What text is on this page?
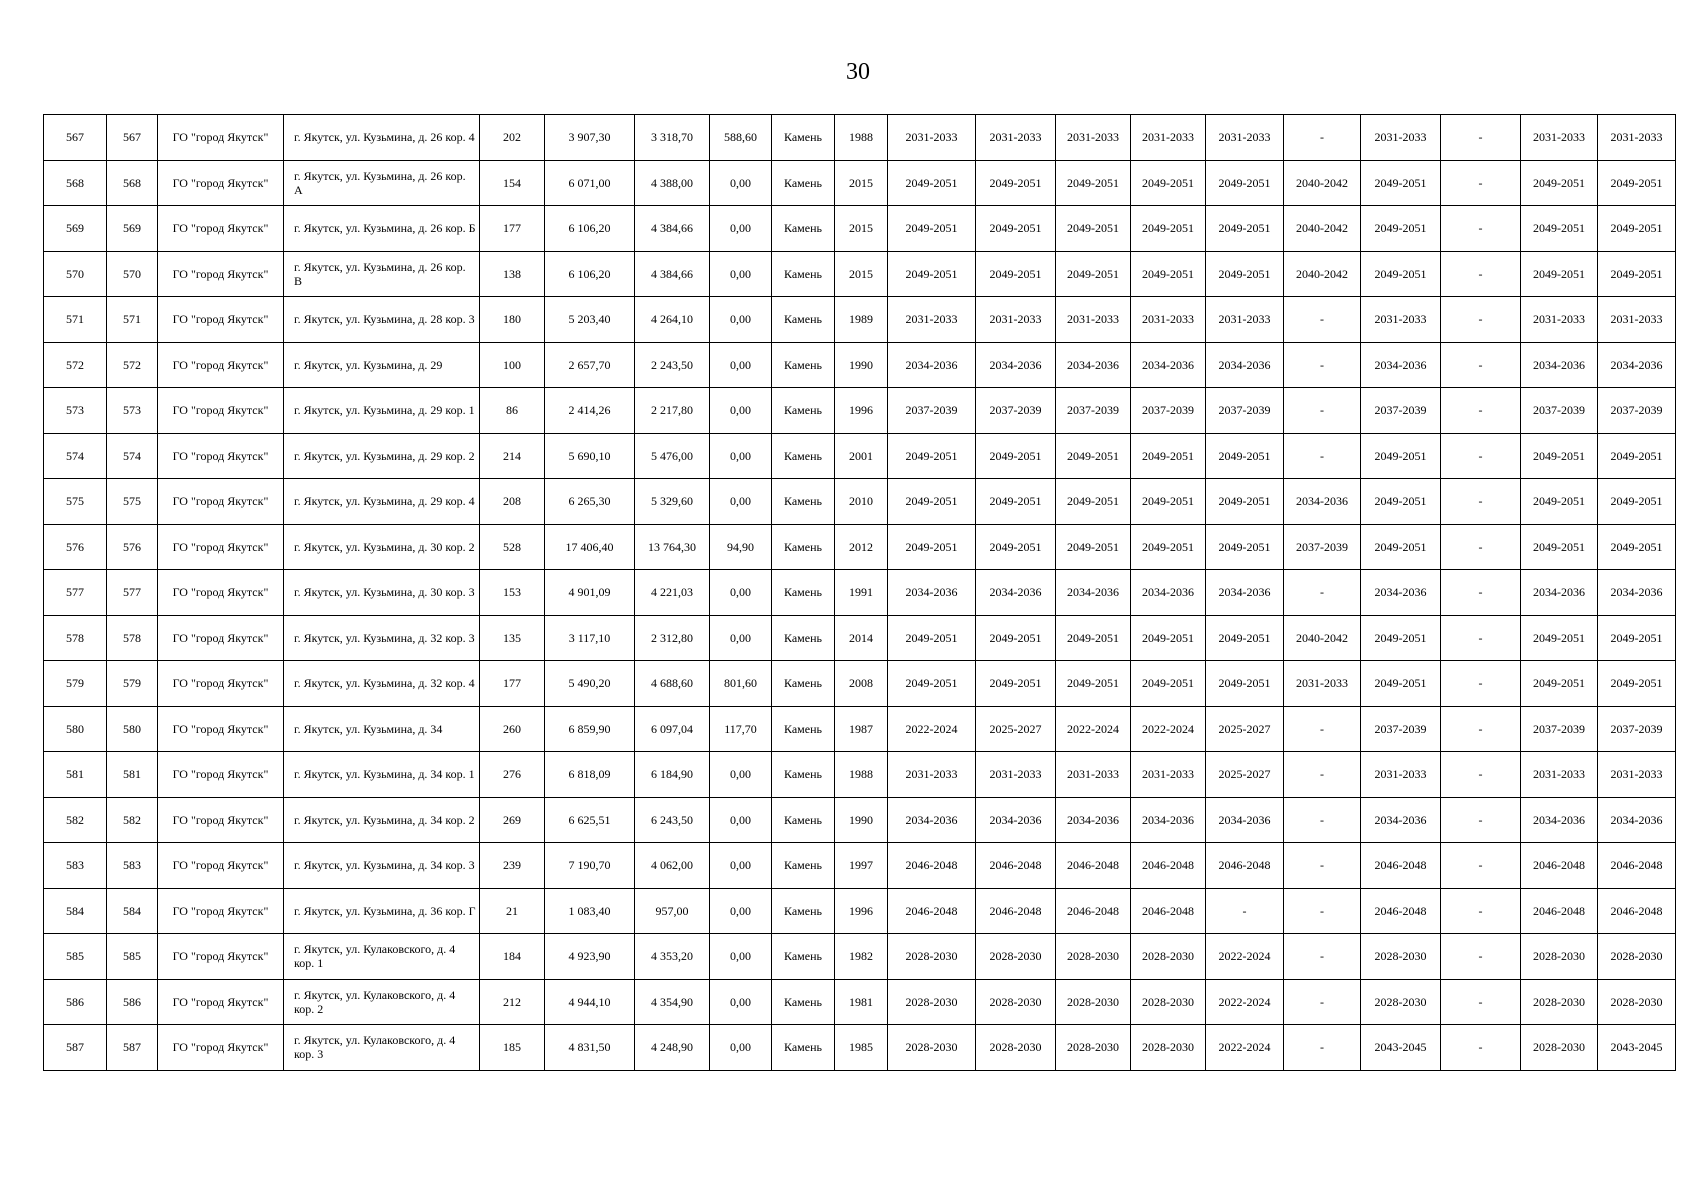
30
567	567	ГО "город Якутск"	г. Якутск, ул. Кузьмина, д. 26 кор. 4	202	3 907,30	3 318,70	588,60	Камень	1988	2031-2033	2031-2033	2031-2033	2031-2033	2031-2033	-	2031-2033	-	2031-2033	2031-2033
568	568	ГО "город Якутск"	г. Якутск, ул. Кузьмина, д. 26 кор. А	154	6 071,00	4 388,00	0,00	Камень	2015	2049-2051	2049-2051	2049-2051	2049-2051	2049-2051	2040-2042	2049-2051	-	2049-2051	2049-2051
569	569	ГО "город Якутск"	г. Якутск, ул. Кузьмина, д. 26 кор. Б	177	6 106,20	4 384,66	0,00	Камень	2015	2049-2051	2049-2051	2049-2051	2049-2051	2049-2051	2040-2042	2049-2051	-	2049-2051	2049-2051
570	570	ГО "город Якутск"	г. Якутск, ул. Кузьмина, д. 26 кор. В	138	6 106,20	4 384,66	0,00	Камень	2015	2049-2051	2049-2051	2049-2051	2049-2051	2049-2051	2040-2042	2049-2051	-	2049-2051	2049-2051
571	571	ГО "город Якутск"	г. Якутск, ул. Кузьмина, д. 28 кор. 3	180	5 203,40	4 264,10	0,00	Камень	1989	2031-2033	2031-2033	2031-2033	2031-2033	2031-2033	-	2031-2033	-	2031-2033	2031-2033
572	572	ГО "город Якутск"	г. Якутск, ул. Кузьмина, д. 29	100	2 657,70	2 243,50	0,00	Камень	1990	2034-2036	2034-2036	2034-2036	2034-2036	2034-2036	-	2034-2036	-	2034-2036	2034-2036
573	573	ГО "город Якутск"	г. Якутск, ул. Кузьмина, д. 29 кор. 1	86	2 414,26	2 217,80	0,00	Камень	1996	2037-2039	2037-2039	2037-2039	2037-2039	2037-2039	-	2037-2039	-	2037-2039	2037-2039
574	574	ГО "город Якутск"	г. Якутск, ул. Кузьмина, д. 29 кор. 2	214	5 690,10	5 476,00	0,00	Камень	2001	2049-2051	2049-2051	2049-2051	2049-2051	2049-2051	-	2049-2051	-	2049-2051	2049-2051
575	575	ГО "город Якутск"	г. Якутск, ул. Кузьмина, д. 29 кор. 4	208	6 265,30	5 329,60	0,00	Камень	2010	2049-2051	2049-2051	2049-2051	2049-2051	2049-2051	2034-2036	2049-2051	-	2049-2051	2049-2051
576	576	ГО "город Якутск"	г. Якутск, ул. Кузьмина, д. 30 кор. 2	528	17 406,40	13 764,30	94,90	Камень	2012	2049-2051	2049-2051	2049-2051	2049-2051	2049-2051	2037-2039	2049-2051	-	2049-2051	2049-2051
577	577	ГО "город Якутск"	г. Якутск, ул. Кузьмина, д. 30 кор. 3	153	4 901,09	4 221,03	0,00	Камень	1991	2034-2036	2034-2036	2034-2036	2034-2036	2034-2036	-	2034-2036	-	2034-2036	2034-2036
578	578	ГО "город Якутск"	г. Якутск, ул. Кузьмина, д. 32 кор. 3	135	3 117,10	2 312,80	0,00	Камень	2014	2049-2051	2049-2051	2049-2051	2049-2051	2049-2051	2040-2042	2049-2051	-	2049-2051	2049-2051
579	579	ГО "город Якутск"	г. Якутск, ул. Кузьмина, д. 32 кор. 4	177	5 490,20	4 688,60	801,60	Камень	2008	2049-2051	2049-2051	2049-2051	2049-2051	2049-2051	2031-2033	2049-2051	-	2049-2051	2049-2051
580	580	ГО "город Якутск"	г. Якутск, ул. Кузьмина, д. 34	260	6 859,90	6 097,04	117,70	Камень	1987	2022-2024	2025-2027	2022-2024	2022-2024	2025-2027	-	2037-2039	-	2037-2039	2037-2039
581	581	ГО "город Якутск"	г. Якутск, ул. Кузьмина, д. 34 кор. 1	276	6 818,09	6 184,90	0,00	Камень	1988	2031-2033	2031-2033	2031-2033	2031-2033	2025-2027	-	2031-2033	-	2031-2033	2031-2033
582	582	ГО "город Якутск"	г. Якутск, ул. Кузьмина, д. 34 кор. 2	269	6 625,51	6 243,50	0,00	Камень	1990	2034-2036	2034-2036	2034-2036	2034-2036	2034-2036	-	2034-2036	-	2034-2036	2034-2036
583	583	ГО "город Якутск"	г. Якутск, ул. Кузьмина, д. 34 кор. 3	239	7 190,70	4 062,00	0,00	Камень	1997	2046-2048	2046-2048	2046-2048	2046-2048	2046-2048	-	2046-2048	-	2046-2048	2046-2048
584	584	ГО "город Якутск"	г. Якутск, ул. Кузьмина, д. 36 кор. Г	21	1 083,40	957,00	0,00	Камень	1996	2046-2048	2046-2048	2046-2048	2046-2048	-	-	2046-2048	-	2046-2048	2046-2048
585	585	ГО "город Якутск"	г. Якутск, ул. Кулаковского, д. 4 кор. 1	184	4 923,90	4 353,20	0,00	Камень	1982	2028-2030	2028-2030	2028-2030	2028-2030	2022-2024	-	2028-2030	-	2028-2030	2028-2030
586	586	ГО "город Якутск"	г. Якутск, ул. Кулаковского, д. 4 кор. 2	212	4 944,10	4 354,90	0,00	Камень	1981	2028-2030	2028-2030	2028-2030	2028-2030	2022-2024	-	2028-2030	-	2028-2030	2028-2030
587	587	ГО "город Якутск"	г. Якутск, ул. Кулаковского, д. 4 кор. 3	185	4 831,50	4 248,90	0,00	Камень	1985	2028-2030	2028-2030	2028-2030	2028-2030	2022-2024	-	2043-2045	-	2028-2030	2043-2045
